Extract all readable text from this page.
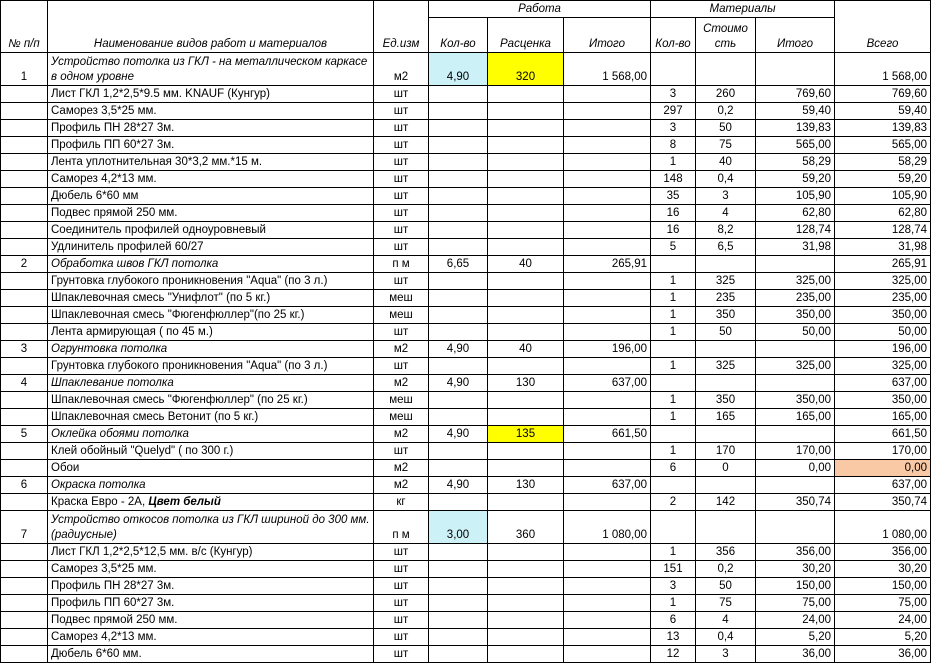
№ п/п	Наименование видов работ и материалов	Ед.изм	Работа			Материалы			Всего
			Кол-во	Расценка	Итого	Кол-во	Стоимо сть	Итого	
1	Устройство потолка из ГКЛ - на металлическом каркасе в одном уровне	м2	4,90	320	1 568,00				1 568,00
	Лист ГКЛ 1,2*2,5*9.5 мм. KNAUF (Кунгур)	шт				3	260	769,60	769,60
	Саморез 3,5*25 мм.	шт				297	0,2	59,40	59,40
	Профиль ПН 28*27 3м.	шт				3	50	139,83	139,83
	Профиль ПП 60*27 3м.	шт				8	75	565,00	565,00
	Лента уплотнительная 30*3,2 мм.*15 м.	шт				1	40	58,29	58,29
	Саморез 4,2*13 мм.	шт				148	0,4	59,20	59,20
	Дюбель 6*60 мм	шт				35	3	105,90	105,90
	Подвес прямой 250 мм.	шт				16	4	62,80	62,80
	Соединитель профилей одноуровневый	шт				16	8,2	128,74	128,74
	Удлинитель профилей 60/27	шт				5	6,5	31,98	31,98
2	Обработка швов ГКЛ потолка	п м	6,65	40	265,91				265,91
	Грунтовка глубокого проникновения "Aqua" (по 3 л.)	шт				1	325	325,00	325,00
	Шпаклевочная смесь "Унифлот" (по 5 кг.)	меш				1	235	235,00	235,00
	Шпаклевочная смесь "Фюгенфюллер"(по 25 кг.)	меш				1	350	350,00	350,00
	Лента армирующая ( по 45 м.)	шт				1	50	50,00	50,00
3	Огрунтовка потолка	м2	4,90	40	196,00				196,00
	Грунтовка глубокого проникновения "Aqua" (по 3 л.)	шт				1	325	325,00	325,00
4	Шпаклевание потолка	м2	4,90	130	637,00				637,00
	Шпаклевочная смесь "Фюгенфюллер" (по 25 кг.)	меш				1	350	350,00	350,00
	Шпаклевочная смесь Ветонит (по 5 кг.)	меш				1	165	165,00	165,00
5	Оклейка обоями потолка	м2	4,90	135	661,50				661,50
	Клей обойный "Quelyd" ( по 300 г.)	шт				1	170	170,00	170,00
	Обои	м2				6	0	0,00	0,00
6	Окраска потолка	м2	4,90	130	637,00				637,00
	Краска Евро - 2А, Цвет белый	кг				2	142	350,74	350,74
7	Устройство откосов потолка из ГКЛ шириной до 300 мм. (радиусные)	п м	3,00	360	1 080,00				1 080,00
	Лист ГКЛ 1,2*2,5*12,5 мм. в/с (Кунгур)	шт				1	356	356,00	356,00
	Саморез 3,5*25 мм.	шт				151	0,2	30,20	30,20
	Профиль ПН 28*27 3м.	шт				3	50	150,00	150,00
	Профиль ПП 60*27 3м.	шт				1	75	75,00	75,00
	Подвес прямой 250 мм.	шт				6	4	24,00	24,00
	Саморез 4,2*13 мм.	шт				13	0,4	5,20	5,20
	Дюбель 6*60 мм.	шт				12	3	36,00	36,00
